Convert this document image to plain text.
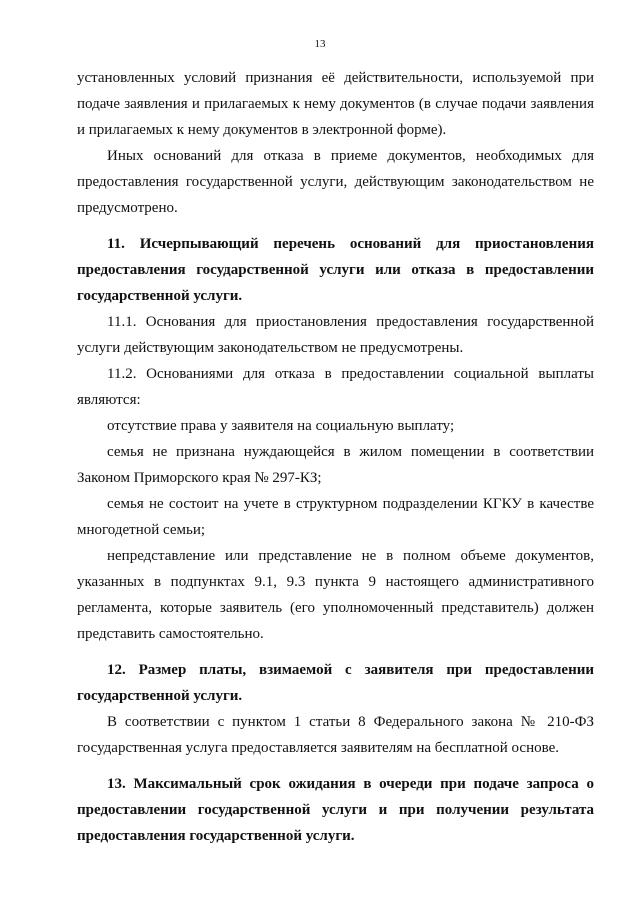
13

установленных условий признания её действительности, используемой при подаче заявления и прилагаемых к нему документов (в случае подачи заявления и прилагаемых к нему документов в электронной форме).

Иных оснований для отказа в приеме документов, необходимых для предоставления государственной услуги, действующим законодательством не предусмотрено.

11. Исчерпывающий перечень оснований для приостановления предоставления государственной услуги или отказа в предоставлении государственной услуги.

11.1. Основания для приостановления предоставления государственной услуги действующим законодательством не предусмотрены.

11.2. Основаниями для отказа в предоставлении социальной выплаты являются:

отсутствие права у заявителя на социальную выплату;

семья не признана нуждающейся в жилом помещении в соответствии Законом Приморского края № 297-КЗ;

семья не состоит на учете в структурном подразделении КГКУ в качестве многодетной семьи;

непредставление или представление не в полном объеме документов, указанных в подпунктах 9.1, 9.3 пункта 9 настоящего административного регламента, которые заявитель (его уполномоченный представитель) должен представить самостоятельно.

12. Размер платы, взимаемой с заявителя при предоставлении государственной услуги.

В соответствии с пунктом 1 статьи 8 Федерального закона № 210-ФЗ государственная услуга предоставляется заявителям на бесплатной основе.

13. Максимальный срок ожидания в очереди при подаче запроса о предоставлении государственной услуги и при получении результата предоставления государственной услуги.
